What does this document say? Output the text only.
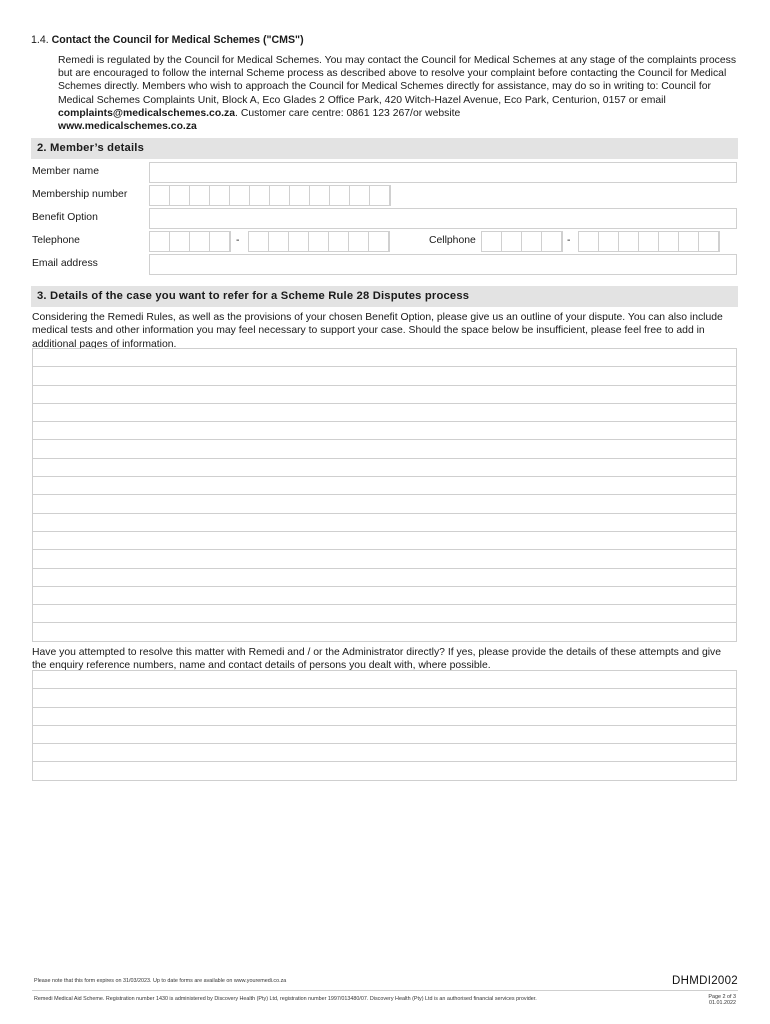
1.4. Contact the Council for Medical Schemes ("CMS")
Remedi is regulated by the Council for Medical Schemes. You may contact the Council for Medical Schemes at any stage of the complaints process but are encouraged to follow the internal Scheme process as described above to resolve your complaint before contacting the Council for Medical Schemes directly. Members who wish to approach the Council for Medical Schemes directly for assistance, may do so in writing to: Council for Medical Schemes Complaints Unit, Block A, Eco Glades 2 Office Park, 420 Witch-Hazel Avenue, Eco Park, Centurion, 0157 or email complaints@medicalschemes.co.za. Customer care centre: 0861 123 267/or website
www.medicalschemes.co.za
2. Member’s details
Member name
Membership number
Benefit Option
Telephone	-	Cellphone	-
Email address
3. Details of the case you want to refer for a Scheme Rule 28 Disputes process
Considering the Remedi Rules, as well as the provisions of your chosen Benefit Option, please give us an outline of your dispute. You can also include medical tests and other information you may feel necessary to support your case. Should the space below be insufficient, please feel free to add in additional pages of information.
Have you attempted to resolve this matter with Remedi and / or the Administrator directly? If yes, please provide the details of these attempts and give the enquiry reference numbers, name and contact details of persons you dealt with, where possible.
Please note that this form expires on 31/03/2023. Up to date forms are available on www.youremedi.co.za	DHMDI2002
Remedi Medical Aid Scheme. Registration number 1430 is administered by Discovery Health (Pty) Ltd, registration number 1997/013480/07. Discovery Health (Pty) Ltd is an authorised financial services provider.	Page 2 of 3
01.01.2022
